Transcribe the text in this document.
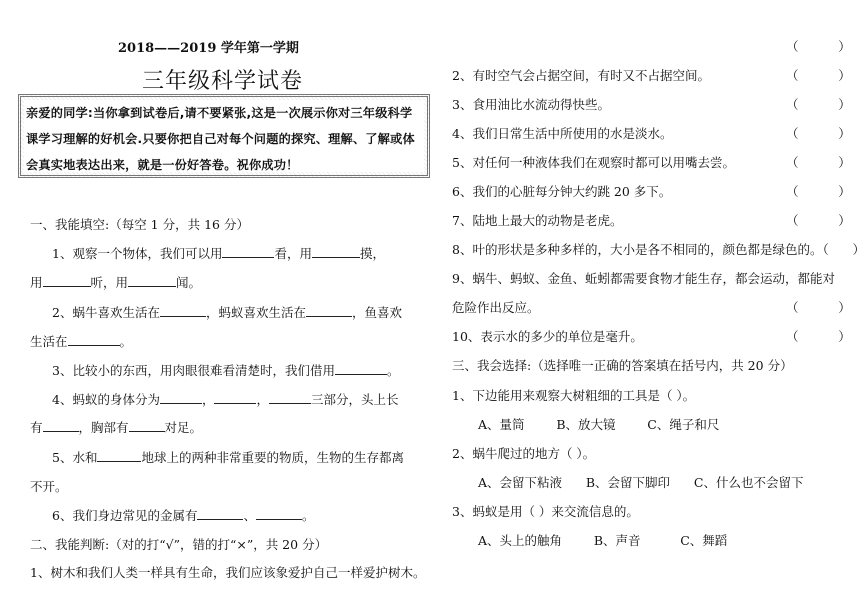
2018——2019 学年第一学期
三年级科学试卷
亲爱的同学:当你拿到试卷后,请不要紧张,这是一次展示你对三年级科学课学习理解的好机会.只要你把自己对每个问题的探究、理解、了解或体会真实地表达出来，就是一份好答卷。祝你成功！
一、我能填空:（每空 1 分，共 16 分）
1、观察一个物体，我们可以用	看，用	摸，
用	听，用	闻。
2、蜗牛喜欢生活在	，蚂蚁喜欢生活在	，鱼喜欢
生活在	。
3、比较小的东西，用肉眼很难看清楚时，我们借用	。
4、蚂蚁的身体分为	，	，	三部分，头上长
有	，胸部有	对足。
5、水和	地球上的两种非常重要的物质，生物的生存都离
不开。
6、我们身边常见的金属有	、	。
二、我能判断:（对的打“√”，错的打“×”，共 20 分）
1、树木和我们人类一样具有生命，我们应该象爱护自己一样爱护树木。
（          ）
2、有时空气会占据空间，有时又不占据空间。	（          ）
3、食用油比水流动得快些。	（          ）
4、我们日常生活中所使用的水是淡水。	（          ）
5、对任何一种液体我们在观察时都可以用嘴去尝。	（          ）
6、我们的心脏每分钟大约跳 20 多下。	（          ）
7、陆地上最大的动物是老虎。	（          ）
8、叶的形状是多种多样的，大小是各不相同的，颜色都是绿色的。（      ）
9、蜗牛、蚂蚁、金鱼、蚯蚓都需要食物才能生存，都会运动，都能对
危险作出反应。	（          ）
10、表示水的多少的单位是毫升。	（          ）
三、我会选择:（选择唯一正确的答案填在括号内，共 20 分）
1、下边能用来观察大树粗细的工具是（ ）。
A、量筒        B、放大镜        C、绳子和尺
2、蜗牛爬过的地方（ ）。
A、会留下粘液      B、会留下脚印      C、什么也不会留下
3、蚂蚁是用（ ）来交流信息的。
A、头上的触角        B、声音          C、舞蹈
